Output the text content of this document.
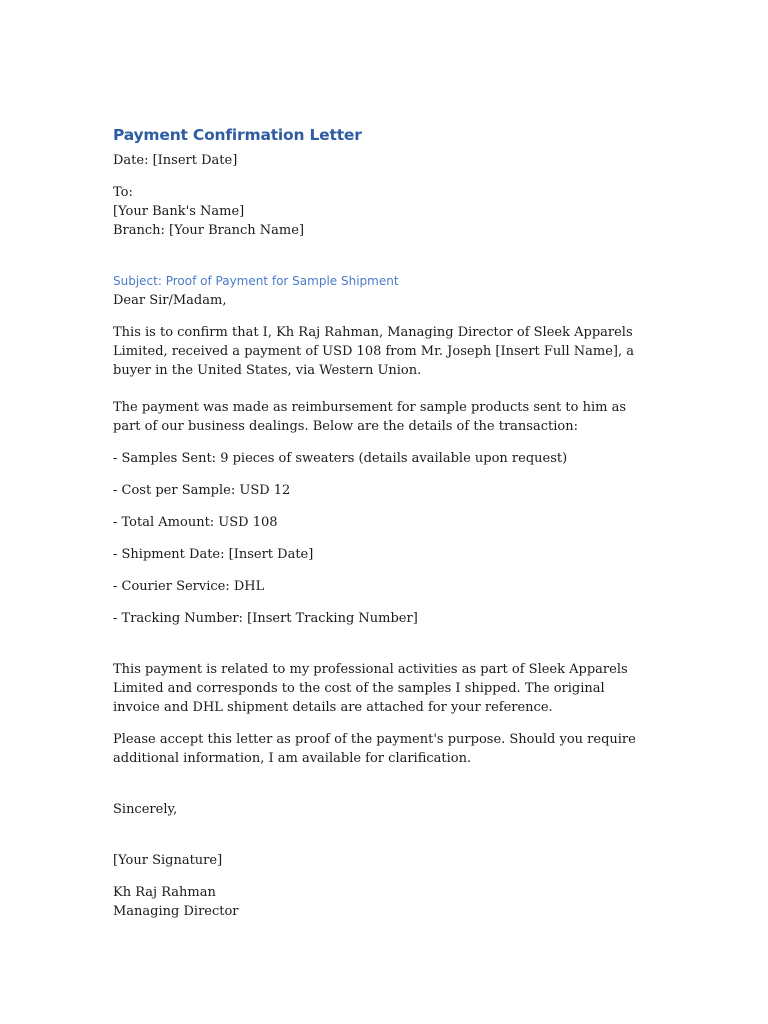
Payment Confirmation Letter

Date: [Insert Date]

To:

[Your Bank's Name]

Branch: [Your Branch Name]

Subject: Proof of Payment for Sample Shipment

Dear Sir/Madam,

This is to confirm that I, Kh Raj Rahman, Managing Director of Sleek Apparels Limited, received a payment of USD 108 from Mr. Joseph [Insert Full Name], a buyer in the United States, via Western Union.

The payment was made as reimbursement for sample products sent to him as part of our business dealings. Below are the details of the transaction:

- Samples Sent: 9 pieces of sweaters (details available upon request)

- Cost per Sample: USD 12

- Total Amount: USD 108

- Shipment Date: [Insert Date]

- Courier Service: DHL

- Tracking Number: [Insert Tracking Number]

This payment is related to my professional activities as part of Sleek Apparels Limited and corresponds to the cost of the samples I shipped. The original invoice and DHL shipment details are attached for your reference.

Please accept this letter as proof of the payment's purpose. Should you require additional information, I am available for clarification.

Sincerely,

[Your Signature]

Kh Raj Rahman

Managing Director
